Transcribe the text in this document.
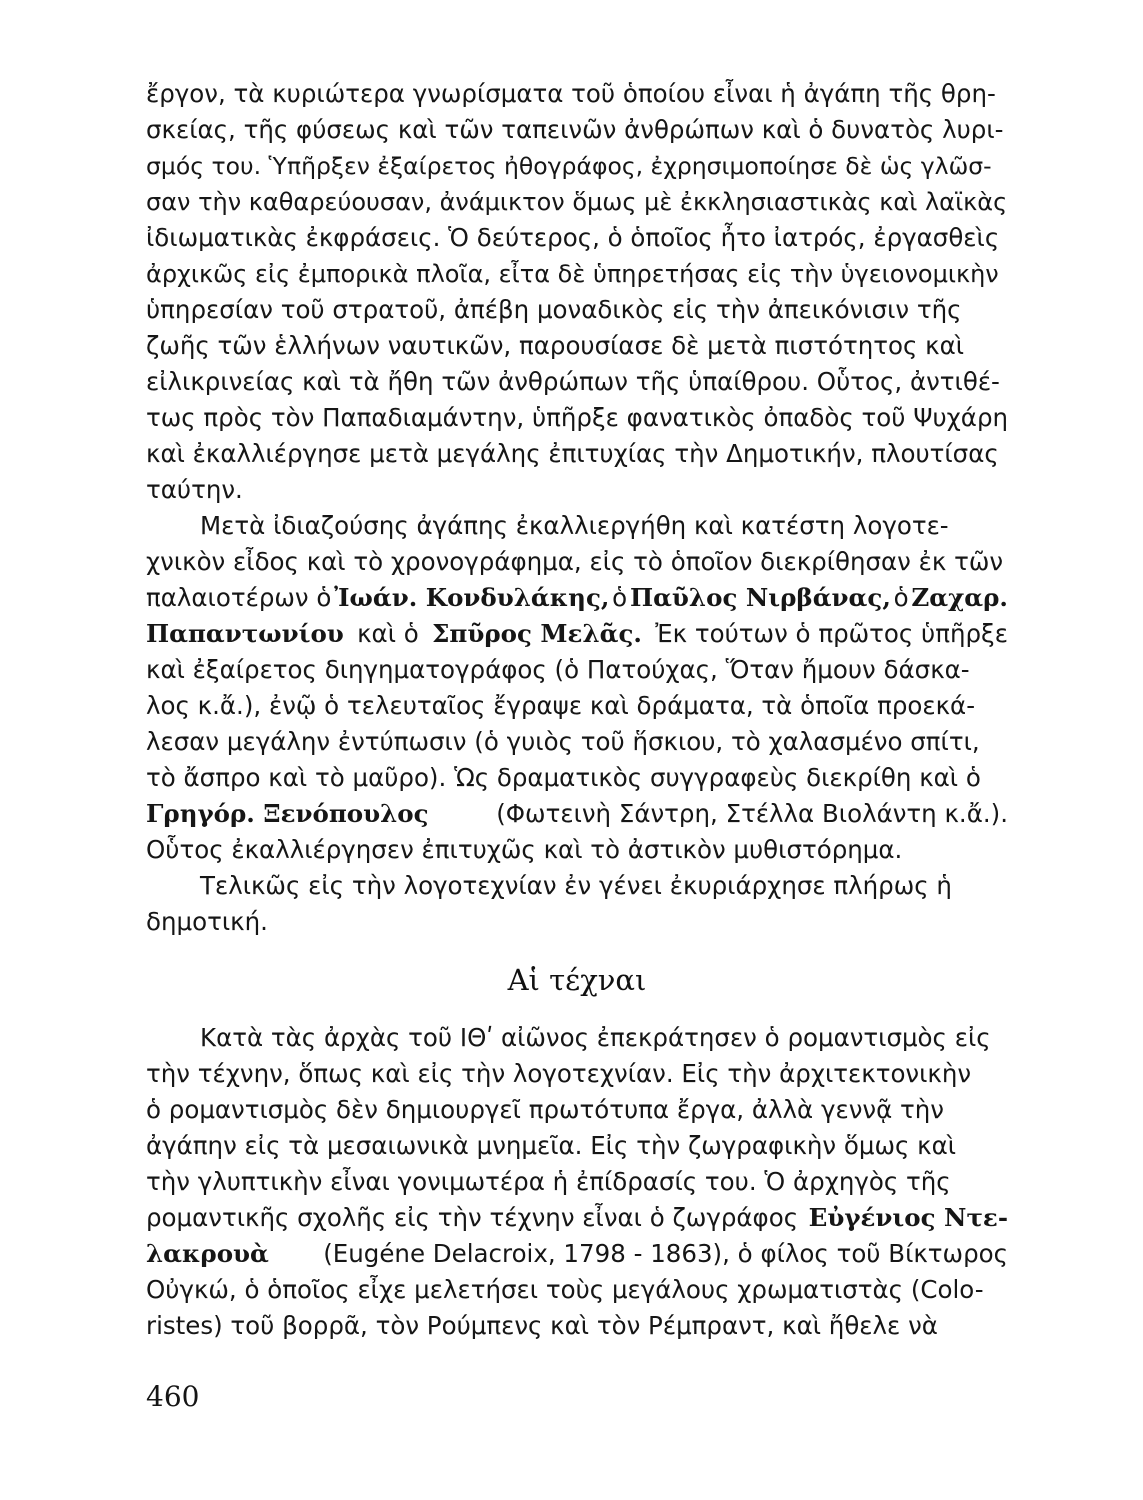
ἔργον, τὰ κυριώτερα γνωρίσματα τοῦ ὁποίου εἶναι ἡ ἀγάπη τῆς θρη-
σκείας, τῆς φύσεως καὶ τῶν ταπεινῶν ἀνθρώπων καὶ ὁ δυνατὸς λυρι-
σμός του. Ὑπῆρξεν ἐξαίρετος ἠθογράφος, ἐχρησιμοποίησε δὲ ὡς γλῶσ-
σαν τὴν καθαρεύουσαν, ἀνάμικτον ὅμως μὲ ἐκκλησιαστικὰς καὶ λαϊκὰς
ἰδιωματικὰς ἐκφράσεις. Ὁ δεύτερος, ὁ ὁποῖος ἦτο ἰατρός, ἐργασθεὶς
ἀρχικῶς εἰς ἐμπορικὰ πλοῖα, εἶτα δὲ ὑπηρετήσας εἰς τὴν ὑγειονομικὴν
ὑπηρεσίαν τοῦ στρατοῦ, ἀπέβη μοναδικὸς εἰς τὴν ἀπεικόνισιν τῆς
ζωῆς τῶν ἑλλήνων ναυτικῶν, παρουσίασε δὲ μετὰ πιστότητος καὶ
εἰλικρινείας καὶ τὰ ἤθη τῶν ἀνθρώπων τῆς ὑπαίθρου. Οὗτος, ἀντιθέ-
τως πρὸς τὸν Παπαδιαμάντην, ὑπῆρξε φανατικὸς ὀπαδὸς τοῦ Ψυχάρη
καὶ ἐκαλλιέργησε μετὰ μεγάλης ἐπιτυχίας τὴν Δημοτικήν, πλουτίσας
ταύτην.
Μετὰ ἰδιαζούσης ἀγάπης ἐκαλλιεργήθη καὶ κατέστη λογοτε-
χνικὸν εἶδος καὶ τὸ χρονογράφημα, εἰς τὸ ὁποῖον διεκρίθησαν ἐκ τῶν
παλαιοτέρων ὁ Ἰωάν. Κονδυλάκης, ὁ Παῦλος Νιρβάνας, ὁ Ζαχαρ.
Παπαντωνίου καὶ ὁ Σπῦρος Μελᾶς. Ἐκ τούτων ὁ πρῶτος ὑπῆρξε
καὶ ἐξαίρετος διηγηματογράφος (ὁ Πατούχας, Ὅταν ἤμουν δάσκα-
λος κ.ἄ.), ἐνῷ ὁ τελευταῖος ἔγραψε καὶ δράματα, τὰ ὁποῖα προεκά-
λεσαν μεγάλην ἐντύπωσιν (ὁ γυιὸς τοῦ ἥσκιου, τὸ χαλασμένο σπίτι,
τὸ ἄσπρο καὶ τὸ μαῦρο). Ὡς δραματικὸς συγγραφεὺς διεκρίθη καὶ ὁ
Γρηγόρ. Ξενόπουλος	(Φωτεινὴ Σάντρη, Στέλλα Βιολάντη κ.ἄ.).
Οὗτος ἐκαλλιέργησεν ἐπιτυχῶς καὶ τὸ ἀστικὸν μυθιστόρημα.
Τελικῶς εἰς τὴν λογοτεχνίαν ἐν γένει ἐκυριάρχησε πλήρως ἡ
δημοτική.
Αἱ τέχναι
Κατὰ τὰς ἀρχὰς τοῦ ΙΘʹ αἰῶνος ἐπεκράτησεν ὁ ρομαντισμὸς εἰς
τὴν τέχνην, ὅπως καὶ εἰς τὴν λογοτεχνίαν. Εἰς τὴν ἀρχιτεκτονικὴν
ὁ ρομαντισμὸς δὲν δημιουργεῖ πρωτότυπα ἔργα, ἀλλὰ γεννᾷ τὴν
ἀγάπην εἰς τὰ μεσαιωνικὰ μνημεῖα. Εἰς τὴν ζωγραφικὴν ὅμως καὶ
τὴν γλυπτικὴν εἶναι γονιμωτέρα ἡ ἐπίδρασίς του. Ὁ ἀρχηγὸς τῆς
ρομαντικῆς σχολῆς εἰς τὴν τέχνην εἶναι ὁ ζωγράφος Εὐγένιος Ντε-
λακρουὰ (Eugéne Delacroix, 1798 - 1863), ὁ φίλος τοῦ Βίκτωρος
Οὐγκώ, ὁ ὁποῖος εἶχε μελετήσει τοὺς μεγάλους χρωματιστὰς (Colo-
ristes) τοῦ βορρᾶ, τὸν Ρούμπενς καὶ τὸν Ρέμπραντ, καὶ ἤθελε νὰ
460
